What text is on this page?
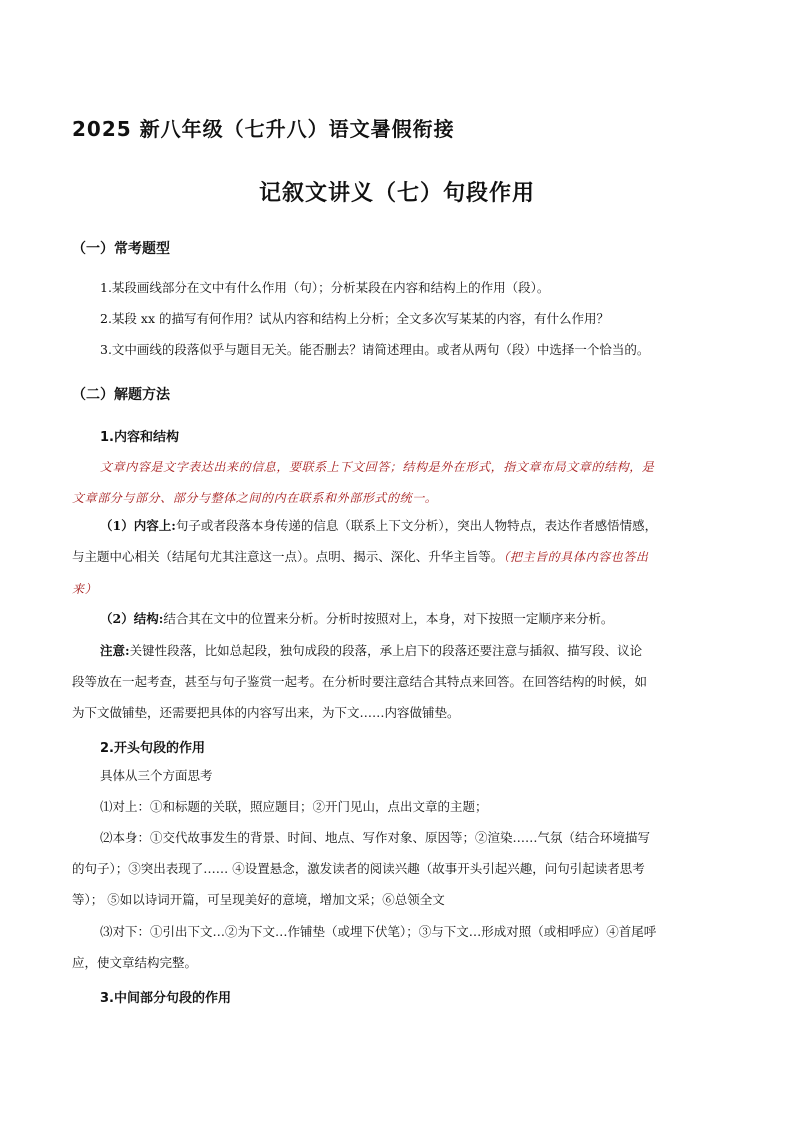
2025 新八年级（七升八）语文暑假衔接
记叙文讲义（七）句段作用
（一）常考题型
1.某段画线部分在文中有什么作用（句）；分析某段在内容和结构上的作用（段）。
2.某段 xx 的描写有何作用？试从内容和结构上分析；全文多次写某某的内容，有什么作用？
3.文中画线的段落似乎与题目无关。能否删去？请简述理由。或者从两句（段）中选择一个恰当的。
（二）解题方法
1.内容和结构
文章内容是文字表达出来的信息，要联系上下文回答；结构是外在形式，指文章布局文章的结构，是
文章部分与部分、部分与整体之间的内在联系和外部形式的统一。
（1）内容上:句子或者段落本身传递的信息（联系上下文分析），突出人物特点，表达作者感悟情感，
与主题中心相关（结尾句尤其注意这一点）。点明、揭示、深化、升华主旨等。（把主旨的具体内容也答出
来）
（2）结构:结合其在文中的位置来分析。分析时按照对上，本身，对下按照一定顺序来分析。
注意:关键性段落，比如总起段，独句成段的段落，承上启下的段落还要注意与插叙、描写段、议论
段等放在一起考查，甚至与句子鉴赏一起考。在分析时要注意结合其特点来回答。在回答结构的时候，如
为下文做铺垫，还需要把具体的内容写出来，为下文……内容做铺垫。
2.开头句段的作用
具体从三个方面思考
⑴对上：①和标题的关联，照应题目；②开门见山，点出文章的主题；
⑵本身：①交代故事发生的背景、时间、地点、写作对象、原因等；②渲染……气氛（结合环境描写
的句子）；③突出表现了…… ④设置悬念，激发读者的阅读兴趣（故事开头引起兴趣，问句引起读者思考
等）； ⑤如以诗词开篇，可呈现美好的意境，增加文采；⑥总领全文
⑶对下：①引出下文…②为下文…作铺垫（或埋下伏笔）；③与下文…形成对照（或相呼应）④首尾呼
应，使文章结构完整。
3.中间部分句段的作用
